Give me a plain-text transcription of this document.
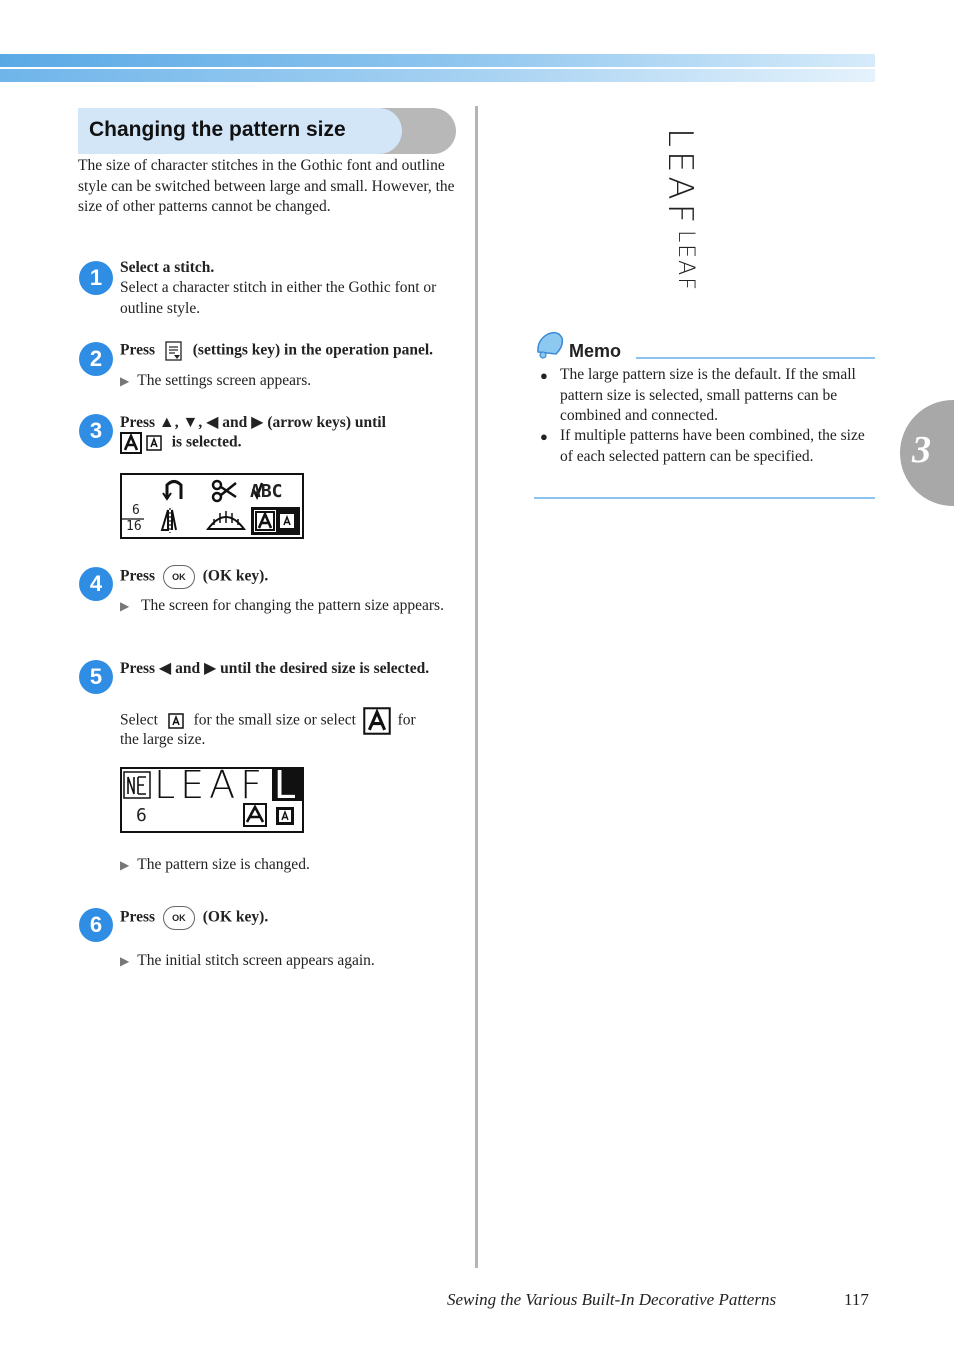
Changing the pattern size
The size of character stitches in the Gothic font and outline style can be switched between large and small. However, the size of other patterns cannot be changed.
1	Select a stitch.
Select a character stitch in either the Gothic font or outline style.
2	Press (settings key) in the operation panel.
▶ The settings screen appears.
3	Press ▲, ▼, ◀ and ▶ (arrow keys) until
is selected.
ABC
6
16
4	Press OK (OK key).
▶ The screen for changing the pattern size appears.
5	Press ◀ and ▶ until the desired size is selected.
Select for the small size or select	for
the large size.
LEAF L
6
▶ The pattern size is changed.
6	Press OK (OK key).
▶ The initial stitch screen appears again.
LEAF
LEAF
Memo
● The large pattern size is the default. If the small pattern size is selected, small patterns can be combined and connected.
● If multiple patterns have been combined, the size of each selected pattern can be specified.	3
Sewing the Various Built-In Decorative Patterns	117
